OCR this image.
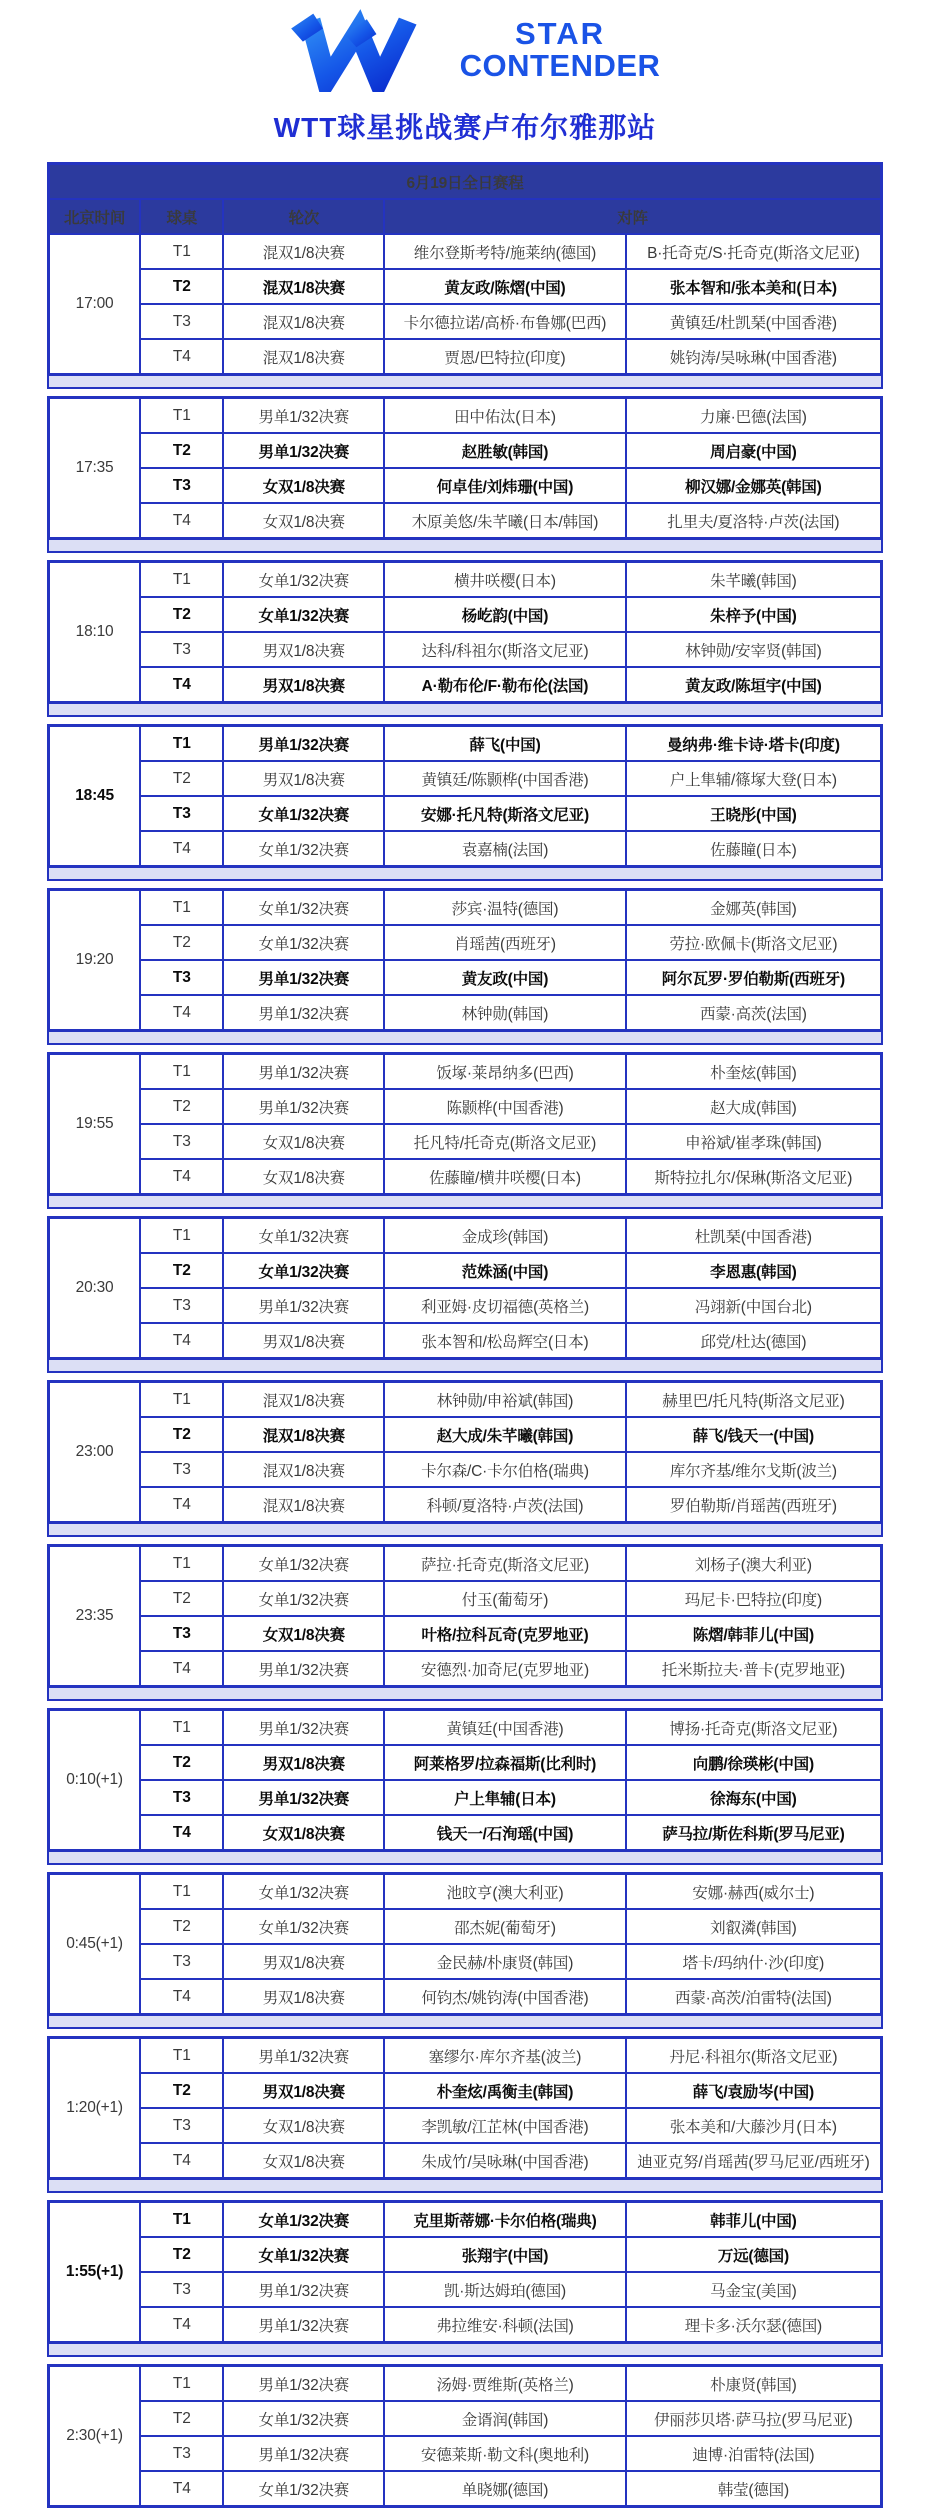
STAR
CONTENDER
WTT球星挑战赛卢布尔雅那站
6月19日全日赛程				
北京时间	球桌	轮次	对阵	
17:00	T1	混双1/8决赛	维尔登斯考特/施莱纳(德国)	B·托奇克/S·托奇克(斯洛文尼亚)
	T2	混双1/8决赛	黄友政/陈熠(中国)	张本智和/张本美和(日本)
	T3	混双1/8决赛	卡尔德拉诺/高桥·布鲁娜(巴西)	黄镇廷/杜凯琹(中国香港)
	T4	混双1/8决赛	贾恩/巴特拉(印度)	姚钧涛/吴咏琳(中国香港)
17:35	T1	男单1/32决赛	田中佑汰(日本)	力廉·巴德(法国)
	T2	男单1/32决赛	赵胜敏(韩国)	周启豪(中国)
	T3	女双1/8决赛	何卓佳/刘炜珊(中国)	柳汉娜/金娜英(韩国)
	T4	女双1/8决赛	木原美悠/朱芊曦(日本/韩国)	扎里夫/夏洛特·卢茨(法国)
18:10	T1	女单1/32决赛	横井咲樱(日本)	朱芊曦(韩国)
	T2	女单1/32决赛	杨屹韵(中国)	朱梓予(中国)
	T3	男双1/8决赛	达科/科祖尔(斯洛文尼亚)	林钟勋/安宰贤(韩国)
	T4	男双1/8决赛	A·勒布伦/F·勒布伦(法国)	黄友政/陈垣宇(中国)
18:45	T1	男单1/32决赛	薛飞(中国)	曼纳弗·维卡诗·塔卡(印度)
	T2	男双1/8决赛	黄镇廷/陈颢桦(中国香港)	户上隼辅/篠塚大登(日本)
	T3	女单1/32决赛	安娜·托凡特(斯洛文尼亚)	王晓彤(中国)
	T4	女单1/32决赛	袁嘉楠(法国)	佐藤瞳(日本)
19:20	T1	女单1/32决赛	莎宾·温特(德国)	金娜英(韩国)
	T2	女单1/32决赛	肖瑶茜(西班牙)	劳拉·欧佩卡(斯洛文尼亚)
	T3	男单1/32决赛	黄友政(中国)	阿尔瓦罗·罗伯勒斯(西班牙)
	T4	男单1/32决赛	林钟勋(韩国)	西蒙·高茨(法国)
19:55	T1	男单1/32决赛	饭塚·莱昂纳多(巴西)	朴奎炫(韩国)
	T2	男单1/32决赛	陈颢桦(中国香港)	赵大成(韩国)
	T3	女双1/8决赛	托凡特/托奇克(斯洛文尼亚)	申裕斌/崔孝珠(韩国)
	T4	女双1/8决赛	佐藤瞳/横井咲樱(日本)	斯特拉扎尔/保琳(斯洛文尼亚)
20:30	T1	女单1/32决赛	金成珍(韩国)	杜凯琹(中国香港)
	T2	女单1/32决赛	范姝涵(中国)	李恩惠(韩国)
	T3	男单1/32决赛	利亚姆·皮切福德(英格兰)	冯翊新(中国台北)
	T4	男双1/8决赛	张本智和/松岛辉空(日本)	邱党/杜达(德国)
23:00	T1	混双1/8决赛	林钟勋/申裕斌(韩国)	赫里巴/托凡特(斯洛文尼亚)
	T2	混双1/8决赛	赵大成/朱芊曦(韩国)	薛飞/钱天一(中国)
	T3	混双1/8决赛	卡尔森/C·卡尔伯格(瑞典)	库尔齐基/维尔戈斯(波兰)
	T4	混双1/8决赛	科顿/夏洛特·卢茨(法国)	罗伯勒斯/肖瑶茜(西班牙)
23:35	T1	女单1/32决赛	萨拉·托奇克(斯洛文尼亚)	刘杨子(澳大利亚)
	T2	女单1/32决赛	付玉(葡萄牙)	玛尼卡·巴特拉(印度)
	T3	女双1/8决赛	叶格/拉科瓦奇(克罗地亚)	陈熠/韩菲儿(中国)
	T4	男单1/32决赛	安德烈·加奇尼(克罗地亚)	托米斯拉夫·普卡(克罗地亚)
0:10(+1)	T1	男单1/32决赛	黄镇廷(中国香港)	博扬·托奇克(斯洛文尼亚)
	T2	男双1/8决赛	阿莱格罗/拉森福斯(比利时)	向鹏/徐瑛彬(中国)
	T3	男单1/32决赛	户上隼辅(日本)	徐海东(中国)
	T4	女双1/8决赛	钱天一/石洵瑶(中国)	萨马拉/斯佐科斯(罗马尼亚)
0:45(+1)	T1	女单1/32决赛	池旼亨(澳大利亚)	安娜·赫西(威尔士)
	T2	女单1/32决赛	邵杰妮(葡萄牙)	刘叡潾(韩国)
	T3	男双1/8决赛	金民赫/朴康贤(韩国)	塔卡/玛纳什·沙(印度)
	T4	男双1/8决赛	何钧杰/姚钧涛(中国香港)	西蒙·高茨/泊雷特(法国)
1:20(+1)	T1	男单1/32决赛	塞缪尔·库尔齐基(波兰)	丹尼·科祖尔(斯洛文尼亚)
	T2	男双1/8决赛	朴奎炫/禹衡圭(韩国)	薛飞/袁励岑(中国)
	T3	女双1/8决赛	李凯敏/江芷林(中国香港)	张本美和/大藤沙月(日本)
	T4	女双1/8决赛	朱成竹/吴咏琳(中国香港)	迪亚克努/肖瑶茜(罗马尼亚/西班牙)
1:55(+1)	T1	女单1/32决赛	克里斯蒂娜·卡尔伯格(瑞典)	韩菲儿(中国)
	T2	女单1/32决赛	张翔宇(中国)	万远(德国)
	T3	男单1/32决赛	凯·斯达姆珀(德国)	马金宝(美国)
	T4	男单1/32决赛	弗拉维安·科顿(法国)	理卡多·沃尔瑟(德国)
2:30(+1)	T1	男单1/32决赛	汤姆·贾维斯(英格兰)	朴康贤(韩国)
	T2	女单1/32决赛	金谞润(韩国)	伊丽莎贝塔·萨马拉(罗马尼亚)
	T3	男单1/32决赛	安德莱斯·勒文科(奥地利)	迪博·泊雷特(法国)
	T4	女单1/32决赛	单晓娜(德国)	韩莹(德国)
